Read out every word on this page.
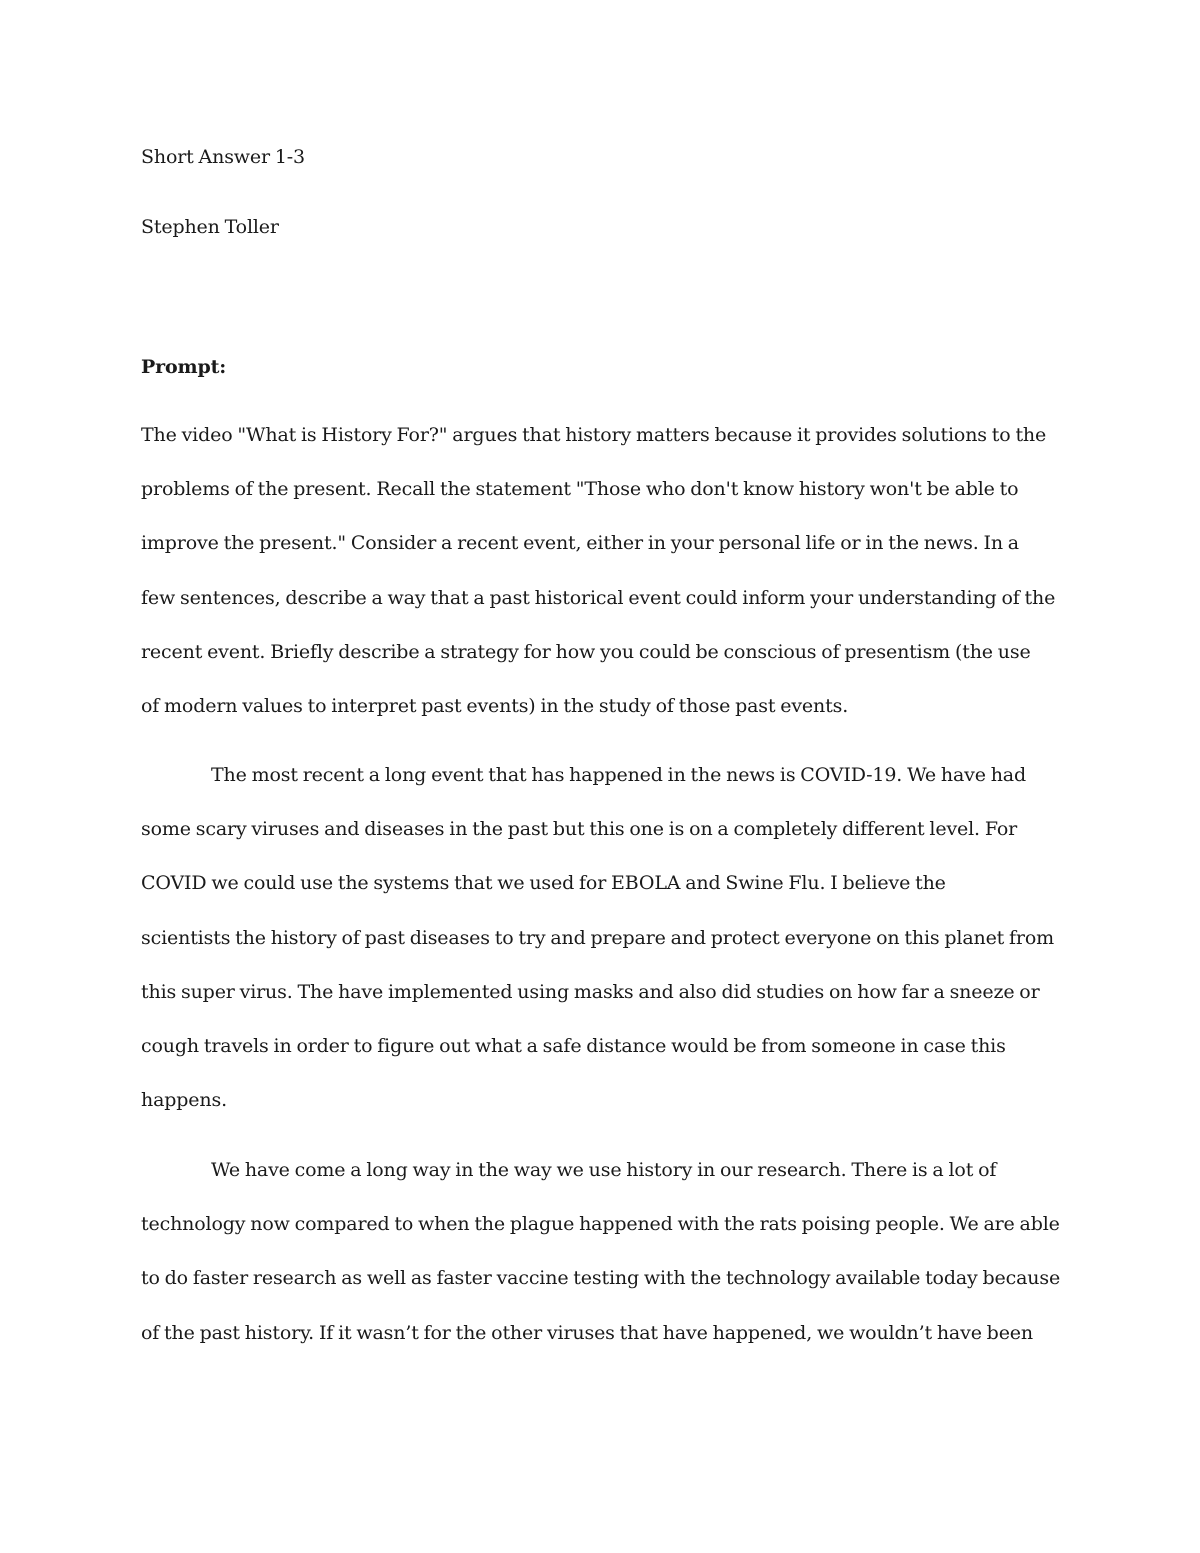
Short Answer 1-3
Stephen Toller
Prompt:
The video "What is History For?" argues that history matters because it provides solutions to the
problems of the present. Recall the statement "Those who don't know history won't be able to
improve the present." Consider a recent event, either in your personal life or in the news. In a
few sentences, describe a way that a past historical event could inform your understanding of the
recent event. Briefly describe a strategy for how you could be conscious of presentism (the use
of modern values to interpret past events) in the study of those past events.
The most recent a long event that has happened in the news is COVID-19. We have had
some scary viruses and diseases in the past but this one is on a completely different level. For
COVID we could use the systems that we used for EBOLA and Swine Flu. I believe the
scientists the history of past diseases to try and prepare and protect everyone on this planet from
this super virus. The have implemented using masks and also did studies on how far a sneeze or
cough travels in order to figure out what a safe distance would be from someone in case this
happens.
We have come a long way in the way we use history in our research. There is a lot of
technology now compared to when the plague happened with the rats poising people. We are able
to do faster research as well as faster vaccine testing with the technology available today because
of the past history. If it wasn’t for the other viruses that have happened, we wouldn’t have been
